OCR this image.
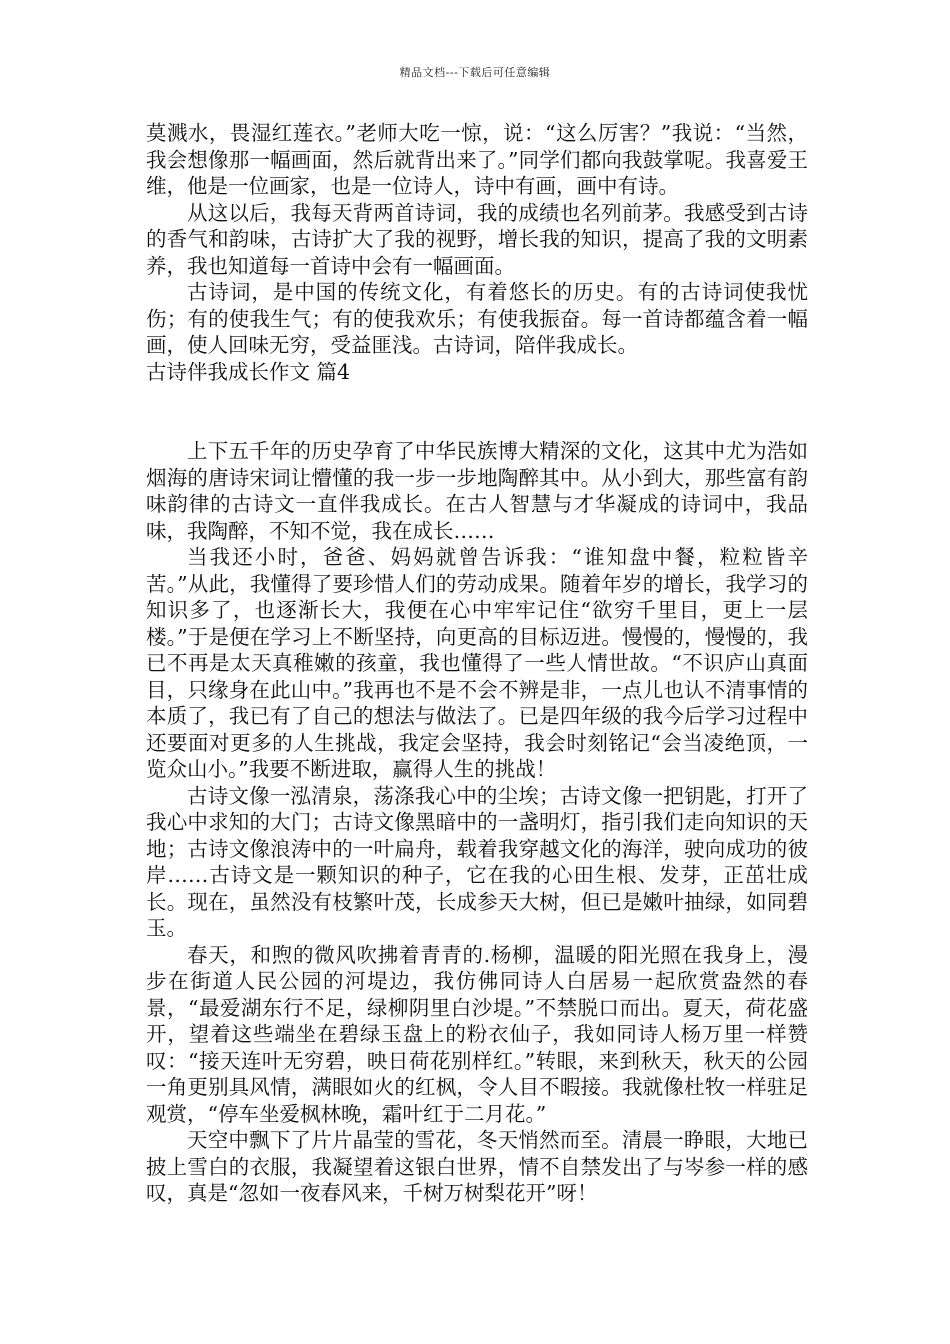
精品文档---下载后可任意编辑

莫溅水，畏湿红莲衣。”老师大吃一惊，说：“这么厉害？”我说：“当然，我会想像那一幅画面，然后就背出来了。”同学们都向我鼓掌呢。我喜爱王维，他是一位画家，也是一位诗人，诗中有画，画中有诗。

从这以后，我每天背两首诗词，我的成绩也名列前茅。我感受到古诗的香气和韵味，古诗扩大了我的视野，增长我的知识，提高了我的文明素养，我也知道每一首诗中会有一幅画面。

古诗词，是中国的传统文化，有着悠长的历史。有的古诗词使我忧伤；有的使我生气；有的使我欢乐；有使我振奋。每一首诗都蕴含着一幅画，使人回味无穷，受益匪浅。古诗词，陪伴我成长。

古诗伴我成长作文 篇4

上下五千年的历史孕育了中华民族博大精深的文化，这其中尤为浩如烟海的唐诗宋词让懵懂的我一步一步地陶醉其中。从小到大，那些富有韵味韵律的古诗文一直伴我成长。在古人智慧与才华凝成的诗词中，我品味，我陶醉，不知不觉，我在成长……

当我还小时，爸爸、妈妈就曾告诉我：“谁知盘中餐，粒粒皆辛苦。”从此，我懂得了要珍惜人们的劳动成果。随着年岁的增长，我学习的知识多了，也逐渐长大，我便在心中牢牢记住“欲穷千里目，更上一层楼。”于是便在学习上不断坚持，向更高的目标迈进。慢慢的，慢慢的，我已不再是太天真稚嫩的孩童，我也懂得了一些人情世故。“不识庐山真面目，只缘身在此山中。”我再也不是不会不辨是非，一点儿也认不清事情的本质了，我已有了自己的想法与做法了。已是四年级的我今后学习过程中还要面对更多的人生挑战，我定会坚持，我会时刻铭记“会当凌绝顶，一览众山小。”我要不断进取，赢得人生的挑战！

古诗文像一泓清泉，荡涤我心中的尘埃；古诗文像一把钥匙，打开了我心中求知的大门；古诗文像黑暗中的一盏明灯，指引我们走向知识的天地；古诗文像浪涛中的一叶扁舟，载着我穿越文化的海洋，驶向成功的彼岸……古诗文是一颗知识的种子，它在我的心田生根、发芽，正茁壮成长。现在，虽然没有枝繁叶茂，长成参天大树，但已是嫩叶抽绿，如同碧玉。

春天，和煦的微风吹拂着青青的.杨柳，温暖的阳光照在我身上，漫步在街道人民公园的河堤边，我仿佛同诗人白居易一起欣赏盎然的春景，“最爱湖东行不足，绿柳阴里白沙堤。”不禁脱口而出。夏天，荷花盛开，望着这些端坐在碧绿玉盘上的粉衣仙子，我如同诗人杨万里一样赞叹：“接天连叶无穷碧，映日荷花别样红。”转眼，来到秋天，秋天的公园一角更别具风情，满眼如火的红枫，令人目不暇接。我就像杜牧一样驻足观赏，“停车坐爱枫林晚，霜叶红于二月花。”

天空中飘下了片片晶莹的雪花，冬天悄然而至。清晨一睁眼，大地已披上雪白的衣服，我凝望着这银白世界，情不自禁发出了与岑参一样的感叹，真是“忽如一夜春风来，千树万树梨花开”呀！
